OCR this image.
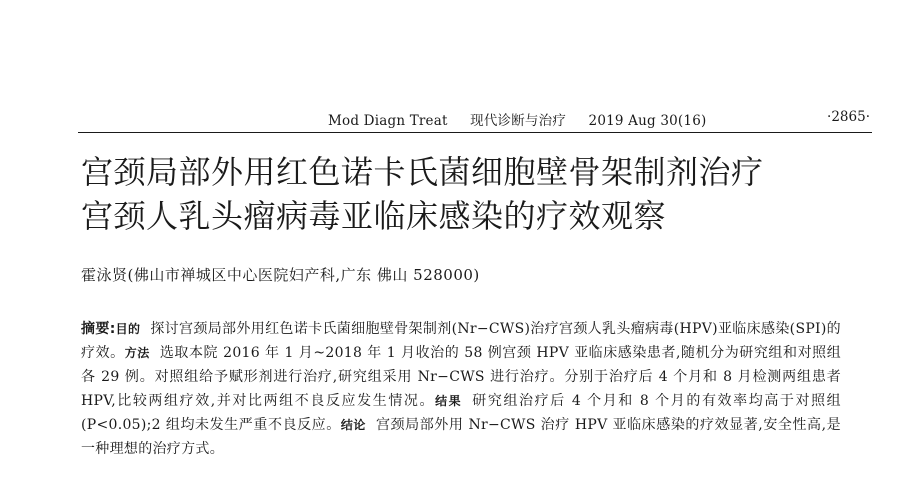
Mod Diagn Treat 现代诊断与治疗 2019 Aug 30(16)	·2865·
宫颈局部外用红色诺卡氏菌细胞壁骨架制剂治疗
宫颈人乳头瘤病毒亚临床感染的疗效观察
霍泳贤(佛山市禅城区中心医院妇产科,广东 佛山 528000)
摘要:目的 探讨宫颈局部外用红色诺卡氏菌细胞壁骨架制剂(Nr−CWS)治疗宫颈人乳头瘤病毒(HPV)亚临床感染(SPI)的疗效。方法 选取本院 2016 年 1 月~2018 年 1 月收治的 58 例宫颈 HPV 亚临床感染患者,随机分为研究组和对照组各 29 例。对照组给予赋形剂进行治疗,研究组采用 Nr−CWS 进行治疗。分别于治疗后 4 个月和 8 月检测两组患者 HPV,比较两组疗效,并对比两组不良反应发生情况。结果 研究组治疗后 4 个月和 8 个月的有效率均高于对照组(P<0.05);2 组均未发生严重不良反应。结论 宫颈局部外用 Nr−CWS 治疗 HPV 亚临床感染的疗效显著,安全性高,是一种理想的治疗方式。
